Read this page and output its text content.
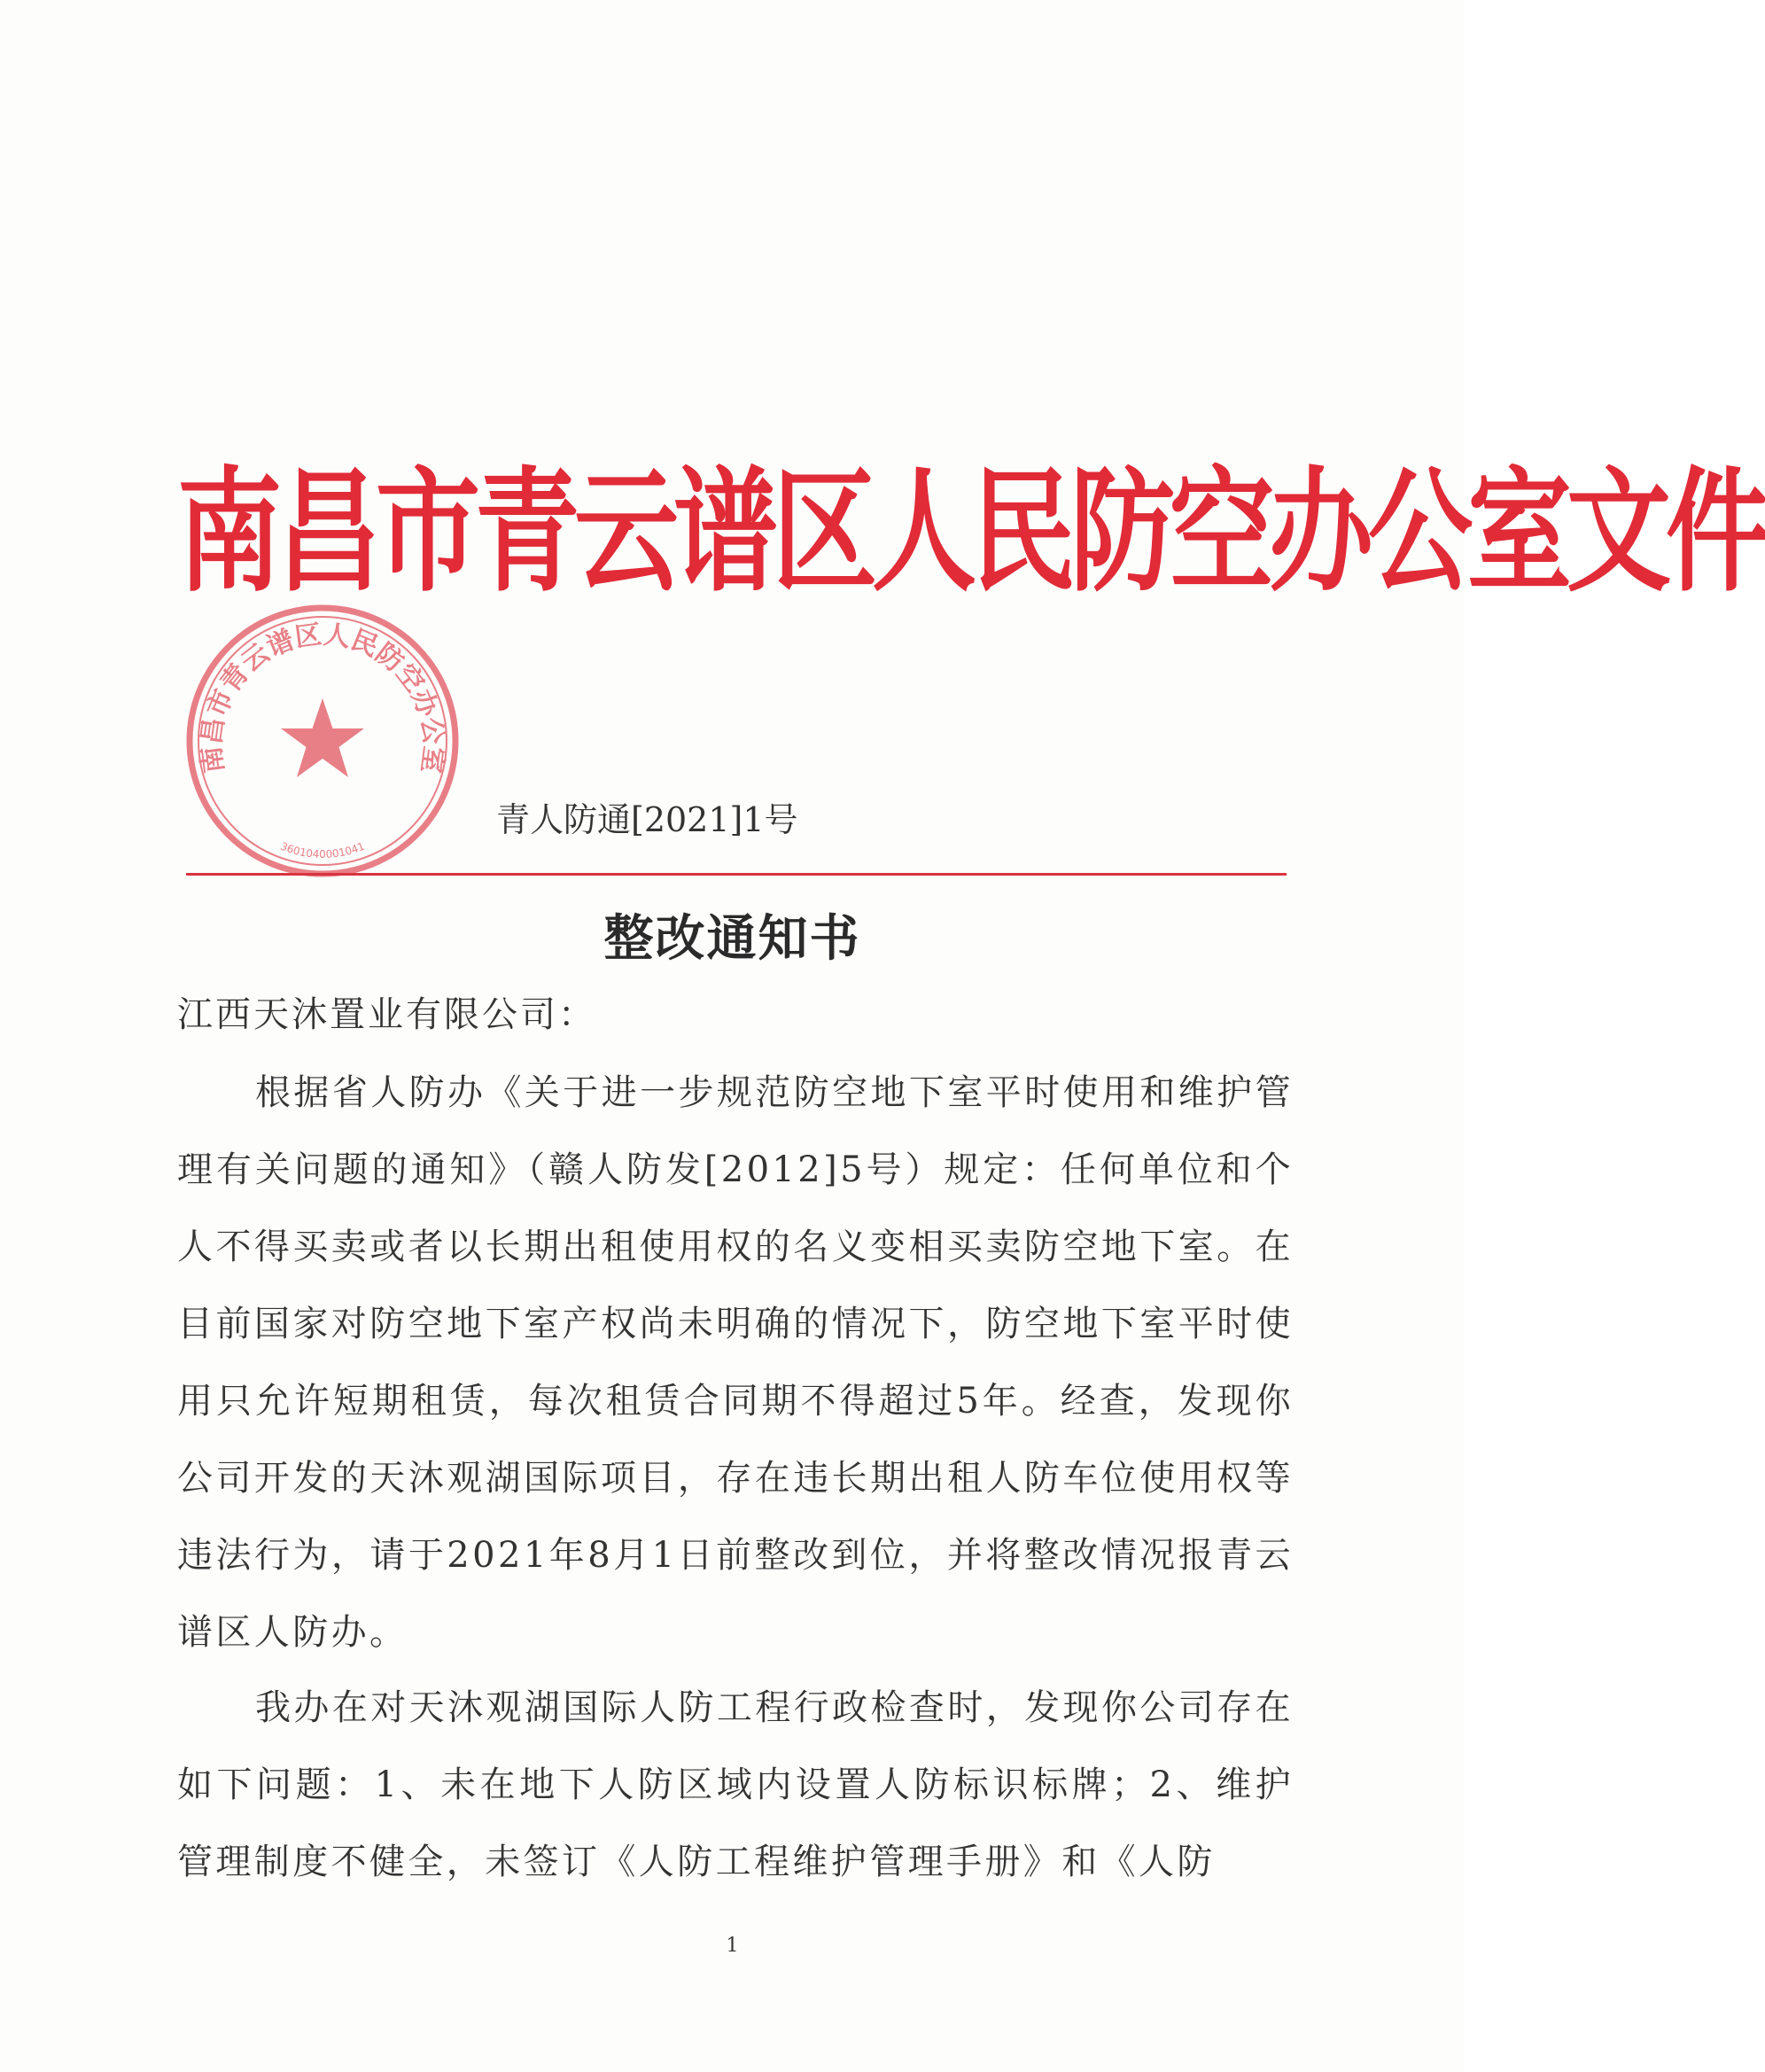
南昌市青云谱区人民防空办公室文件
南昌市青云谱区人民防空办公室
3601040001041
青人防通[2021]1号
整改通知书
江西天沐置业有限公司：
根据省人防办《关于进一步规范防空地下室平时使用和维护管理有关问题的通知》（赣人防发[2012]5号）规定：任何单位和个人不得买卖或者以长期出租使用权的名义变相买卖防空地下室。在目前国家对防空地下室产权尚未明确的情况下，防空地下室平时使用只允许短期租赁，每次租赁合同期不得超过5年。经查，发现你公司开发的天沐观湖国际项目，存在违长期出租人防车位使用权等违法行为，请于2021年8月1日前整改到位，并将整改情况报青云谱区人防办。
我办在对天沐观湖国际人防工程行政检查时，发现你公司存在如下问题：1、未在地下人防区域内设置人防标识标牌；2、维护管理制度不健全，未签订《人防工程维护管理手册》和《人防
1
